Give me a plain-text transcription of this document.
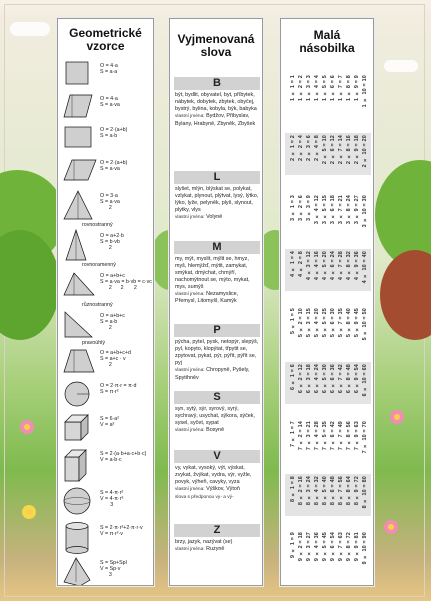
Geometrické
vzorce
O = 4·a
S = a·a
O = 4·a
S = a·va
O = 2·(a+b)
S = a·b
O = 2·(a+b)
S = a·va
O = 3·a
S = a·va
2
rovnostranný
O = a+2·b
S = b·vb
2
rovnoramenný
O = a+b+c
S = a·va = b·vb = c·vc
2      2       2
různostranný
O = a+b+c
S = a·b
2
pravoúhlý
O = a+b+c+d
S = a+c · v
2
O = 2·π·r = π·d
S = π·r²
S = 6·a²
V = a³
S = 2·(a·b+a·c+b·c)
V = a·b·c
S = 4·π·r²
V = 4·π·r³
3
S = 2·π·r²+2·π·r·v
V = π·r²·v
S = Sp+Spl
V = Sp·v
3
Vyjmenovaná
slova
B
být, bydlit, obyvatel, byt, příbytek, nábytek, dobytek, zbytek, obyčej, bystrý, bylina, kobyla, býk, babyka
vlastní jména: Bydžov, Přibyslav, Bylany, Hrabyně, Zbyněk, Zbyšek
L
slyšet, mlýn, blýskat se, polykat, vzlykat, plynout, plýtvat, lysý, lýtko, lýko, lyže, pelyněk, plyš, slynout, plytky, vlys
vlastní jména: Volyně
M
my, mýt, myslit, mýlit se, hmyz, myš, hlemýžď, mýtit, zamykat, smýkat, dmýchat, chmýří, nachomýtnout se, mýto, mykat, mys, sumýš
vlastní jména: Nezamyslice, Přemysl, Litomyšl, Kamýk
P
pýcha, pytel, pysk, netopýr, slepýš, pyl, kopyto, klopýtat, třpytit se, zpytovat, pykat, pýr, pýřit, pýřit se, pyj
vlastní jména: Chropyně, Pyšely, Spytihněv
S
syn, sytý, sýr, syrový, syrý, sychravý, usychat, sýkora, sýček, sysel, syčet, sypat
vlastní jména: Bosyně
V
vy, vykat, vysoký, výt, výskat, zvykat, žvýkat, vydra, výr, vyžle, povyk, výheň, cavyky, vyza
vlastní jména: Výškov, Výtoň
slova s předponou vy- a vý-
Z
brzy, jazyk, nazývat (se)
vlastní jména: Ruzyně
Malá
násobilka
1 × 1 = 1 1 × 2 = 2 1 × 3 = 3 1 × 4 = 4 1 × 5 = 5 1 × 6 = 6 1 × 7 = 7 1 × 8 = 8 1 × 9 = 9 1 × 10 = 10
2 × 1 = 2 2 × 2 = 4 2 × 3 = 6 2 × 4 = 8 2 × 5 = 10 2 × 6 = 12 2 × 7 = 14 2 × 8 = 16 2 × 9 = 18 2 × 10 = 20
3 × 1 = 3 3 × 2 = 6 3 × 3 = 9 3 × 4 = 12 3 × 5 = 15 3 × 6 = 18 3 × 7 = 21 3 × 8 = 24 3 × 9 = 27 3 × 10 = 30
4 × 1 = 4 4 × 2 = 8 4 × 3 = 12 4 × 4 = 16 4 × 5 = 20 4 × 6 = 24 4 × 7 = 28 4 × 8 = 32 4 × 9 = 36 4 × 10 = 40
5 × 1 = 5 5 × 2 = 10 5 × 3 = 15 5 × 4 = 20 5 × 5 = 25 5 × 6 = 30 5 × 7 = 35 5 × 8 = 40 5 × 9 = 45 5 × 10 = 50
6 × 1 = 6 6 × 2 = 12 6 × 3 = 18 6 × 4 = 24 6 × 5 = 30 6 × 6 = 36 6 × 7 = 42 6 × 8 = 48 6 × 9 = 54 6 × 10 = 60
7 × 1 = 7 7 × 2 = 14 7 × 3 = 21 7 × 4 = 28 7 × 5 = 35 7 × 6 = 42 7 × 7 = 49 7 × 8 = 56 7 × 9 = 63 7 × 10 = 70
8 × 1 = 8 8 × 2 = 16 8 × 3 = 24 8 × 4 = 32 8 × 5 = 40 8 × 6 = 48 8 × 7 = 56 8 × 8 = 64 8 × 9 = 72 8 × 10 = 80
9 × 1 = 9 9 × 2 = 18 9 × 3 = 27 9 × 4 = 36 9 × 5 = 45 9 × 6 = 54 9 × 7 = 63 9 × 8 = 72 9 × 9 = 81 9 × 10 = 90
